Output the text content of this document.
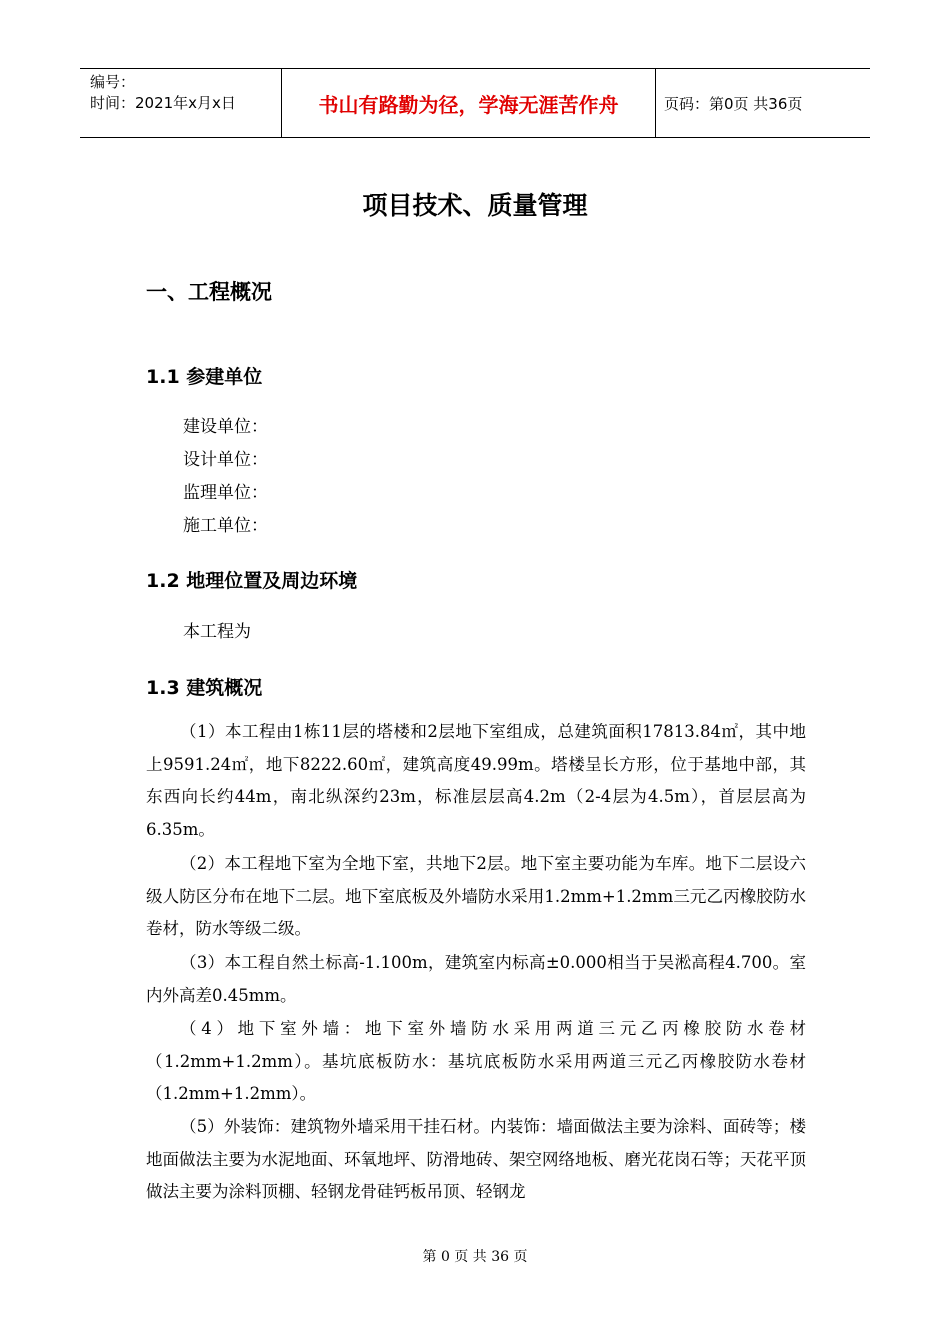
编号：
时间：2021年x月x日	书山有路勤为径，学海无涯苦作舟	页码：第0页 共36页
项目技术、质量管理
一、工程概况
1.1 参建单位
建设单位：
设计单位：
监理单位：
施工单位：
1.2 地理位置及周边环境
本工程为
1.3 建筑概况

（1）本工程由1栋11层的塔楼和2层地下室组成，总建筑面积17813.84㎡，其中地上9591.24㎡，地下8222.60㎡，建筑高度49.99m。塔楼呈长方形，位于基地中部，其东西向长约44m，南北纵深约23m，标准层层高4.2m（2-4层为4.5m），首层层高为6.35m。

（2）本工程地下室为全地下室，共地下2层。地下室主要功能为车库。地下二层设六级人防区分布在地下二层。地下室底板及外墙防水采用1.2mm+1.2mm三元乙丙橡胶防水卷材，防水等级二级。

（3）本工程自然土标高-1.100m，建筑室内标高±0.000相当于吴淞高程4.700。室内外高差0.45mm。

（4）地下室外墙：地下室外墙防水采用两道三元乙丙橡胶防水卷材（1.2mm+1.2mm）。基坑底板防水：基坑底板防水采用两道三元乙丙橡胶防水卷材（1.2mm+1.2mm）。

（5）外装饰：建筑物外墙采用干挂石材。内装饰：墙面做法主要为涂料、面砖等；楼地面做法主要为水泥地面、环氧地坪、防滑地砖、架空网络地板、磨光花岗石等；天花平顶做法主要为涂料顶棚、轻钢龙骨硅钙板吊顶、轻钢龙

第 0 页 共 36 页
